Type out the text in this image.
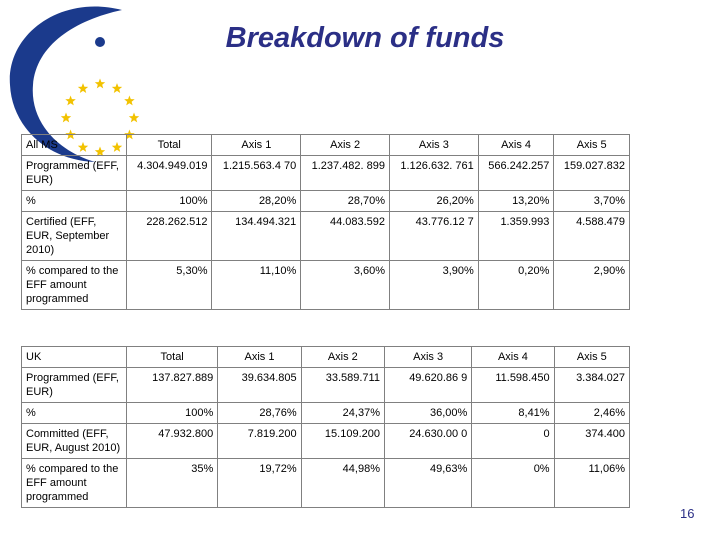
Breakdown of funds
All MS	Total	Axis 1	Axis 2	Axis 3	Axis 4	Axis 5
Programmed (EFF, EUR)	4.304.949.019	1.215.563.4 70	1.237.482. 899	1.126.632. 761	566.242.257	159.027.832
%	100%	28,20%	28,70%	26,20%	13,20%	3,70%
Certified (EFF, EUR, September 2010)	228.262.512	134.494.321	44.083.592	43.776.12 7	1.359.993	4.588.479
% compared to the EFF amount programmed	5,30%	11,10%	3,60%	3,90%	0,20%	2,90%
UK	Total	Axis 1	Axis 2	Axis 3	Axis 4	Axis 5
Programmed (EFF, EUR)	137.827.889	39.634.805	33.589.711	49.620.86 9	11.598.450	3.384.027
%	100%	28,76%	24,37%	36,00%	8,41%	2,46%
Committed (EFF, EUR, August 2010)	47.932.800	7.819.200	15.109.200	24.630.00 0	0	374.400
% compared to the EFF amount programmed	35%	19,72%	44,98%	49,63%	0%	11,06%
16
